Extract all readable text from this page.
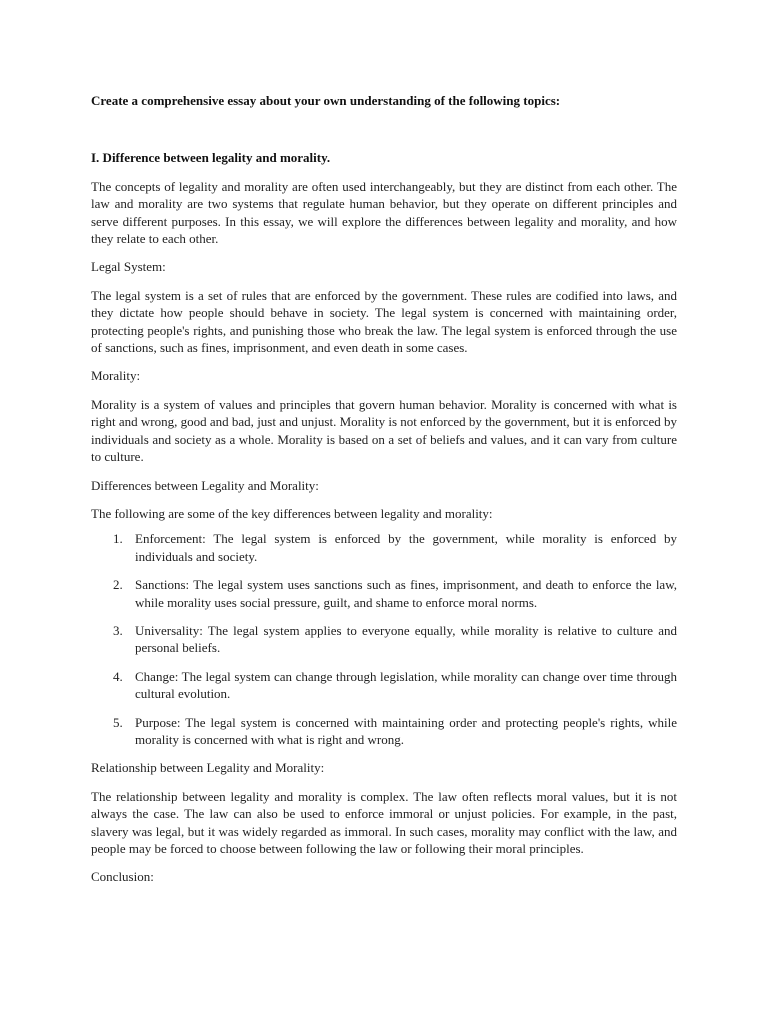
Create a comprehensive essay about your own understanding of the following topics:

I. Difference between legality and morality.

The concepts of legality and morality are often used interchangeably, but they are distinct from each other. The law and morality are two systems that regulate human behavior, but they operate on different principles and serve different purposes. In this essay, we will explore the differences between legality and morality, and how they relate to each other.

Legal System:

The legal system is a set of rules that are enforced by the government. These rules are codified into laws, and they dictate how people should behave in society. The legal system is concerned with maintaining order, protecting people's rights, and punishing those who break the law. The legal system is enforced through the use of sanctions, such as fines, imprisonment, and even death in some cases.

Morality:

Morality is a system of values and principles that govern human behavior. Morality is concerned with what is right and wrong, good and bad, just and unjust. Morality is not enforced by the government, but it is enforced by individuals and society as a whole. Morality is based on a set of beliefs and values, and it can vary from culture to culture.

Differences between Legality and Morality:

The following are some of the key differences between legality and morality:

1. Enforcement: The legal system is enforced by the government, while morality is enforced by individuals and society.
2. Sanctions: The legal system uses sanctions such as fines, imprisonment, and death to enforce the law, while morality uses social pressure, guilt, and shame to enforce moral norms.
3. Universality: The legal system applies to everyone equally, while morality is relative to culture and personal beliefs.
4. Change: The legal system can change through legislation, while morality can change over time through cultural evolution.
5. Purpose: The legal system is concerned with maintaining order and protecting people's rights, while morality is concerned with what is right and wrong.

Relationship between Legality and Morality:

The relationship between legality and morality is complex. The law often reflects moral values, but it is not always the case. The law can also be used to enforce immoral or unjust policies. For example, in the past, slavery was legal, but it was widely regarded as immoral. In such cases, morality may conflict with the law, and people may be forced to choose between following the law or following their moral principles.

Conclusion:
